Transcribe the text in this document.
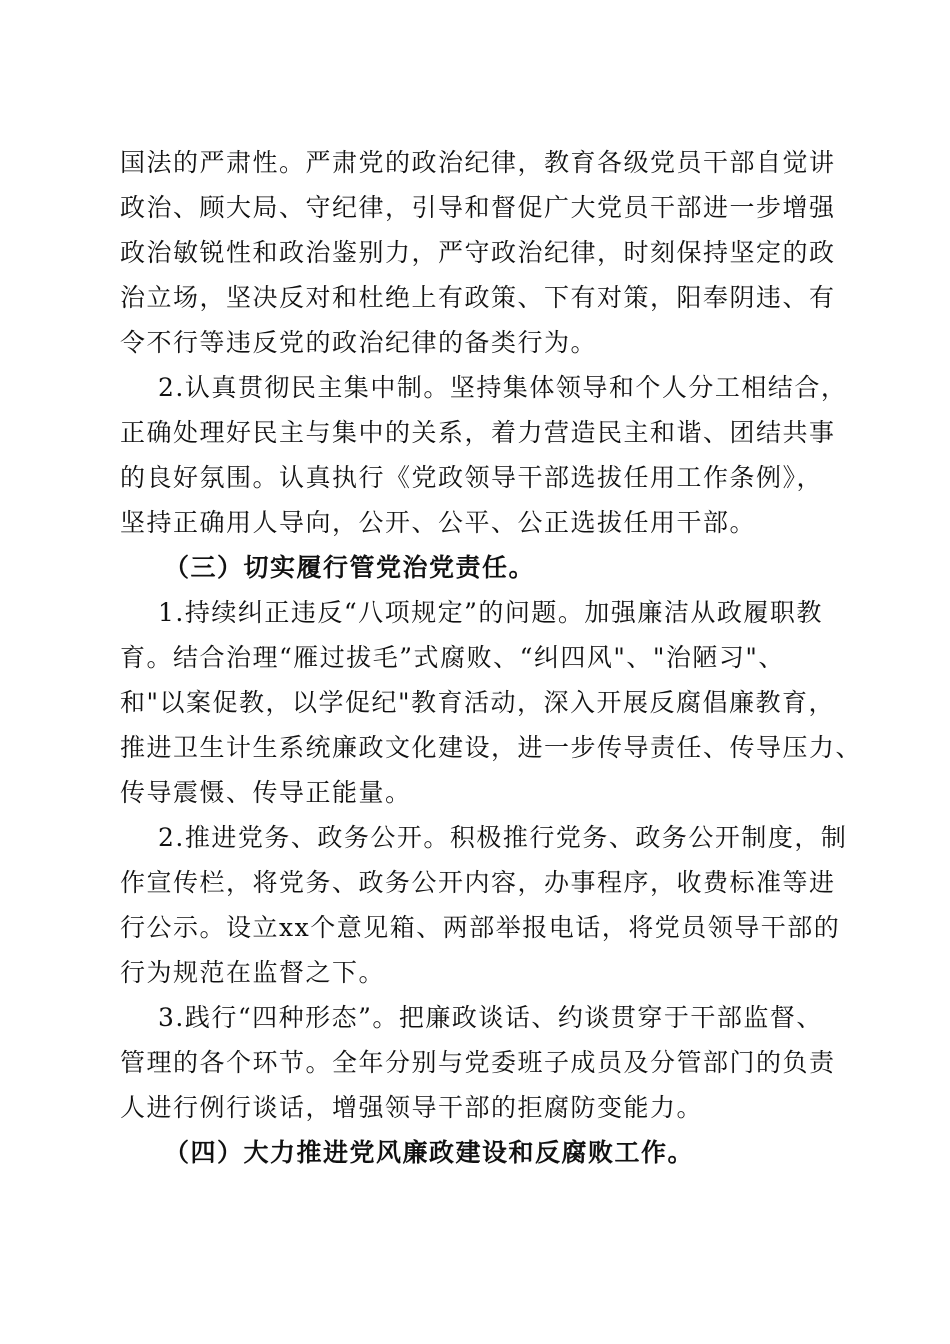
国法的严肃性。严肃党的政治纪律，教育各级党员干部自觉讲
政治、顾大局、守纪律，引导和督促广大党员干部进一步增强
政治敏锐性和政治鉴别力，严守政治纪律，时刻保持坚定的政
治立场，坚决反对和杜绝上有政策、下有对策，阳奉阴违、有
令不行等违反党的政治纪律的备类行为。
2.认真贯彻民主集中制。坚持集体领导和个人分工相结合，
正确处理好民主与集中的关系，着力营造民主和谐、团结共事
的良好氛围。认真执行《党政领导干部选拔任用工作条例》，
坚持正确用人导向，公开、公平、公正选拔任用干部。
（三）切实履行管党治党责任。
1.持续纠正违反“八项规定”的问题。加强廉洁从政履职教
育。结合治理“雁过拔毛”式腐败、“纠四风"、"治陋习"、
和"以案促教，以学促纪"教育活动，深入开展反腐倡廉教育，
推进卫生计生系统廉政文化建设，进一步传导责任、传导压力、
传导震慑、传导正能量。
2.推进党务、政务公开。积极推行党务、政务公开制度，制
作宣传栏，将党务、政务公开内容，办事程序，收费标准等进
行公示。设立xx个意见箱、两部举报电话，将党员领导干部的
行为规范在监督之下。
3.践行“四种形态”。把廉政谈话、约谈贯穿于干部监督、
管理的各个环节。全年分别与党委班子成员及分管部门的负责
人进行例行谈话，增强领导干部的拒腐防变能力。
（四）大力推进党风廉政建设和反腐败工作。
